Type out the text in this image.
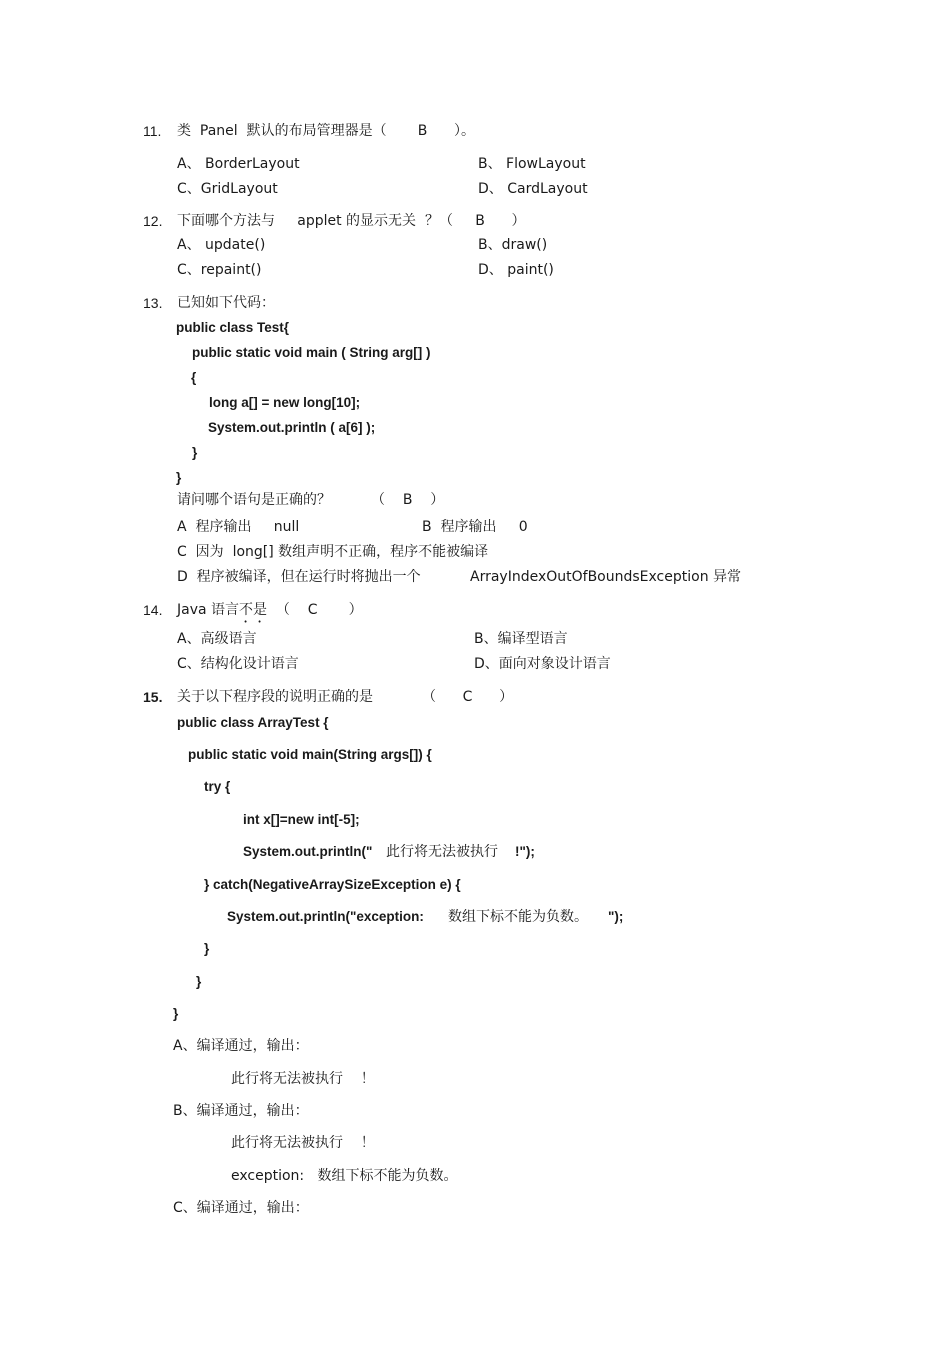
11. 类  Panel  默认的布局管理器是（       B      ）。
A、 BorderLayout	B、 FlowLayout
C、GridLayout	D、 CardLayout
12. 下面哪个方法与     applet 的显示无关  ？（     B      ）
A、 update()	B、draw()
C、repaint()	D、 paint()
13. 已知如下代码：
public class Test{
public static void main ( String arg[] )
{
long a[] = new long[10];
System.out.println ( a[6] );
}
}
请问哪个语句是正确的？         （    B    ）
A  程序输出     null	B  程序输出     0
C  因为  long[] 数组声明不正确，程序不能被编译
D  程序被编译，但在运行时将抛出一个	ArrayIndexOutOfBoundsException 异常
14. Java 语言不是  （    C       ）
A、高级语言	B、编译型语言
C、结构化设计语言	D、面向对象设计语言
15. 关于以下程序段的说明正确的是           （      C      ）
public class ArrayTest {
public static void main(String args[]) {
try {
int x[]=new int[-5];
System.out.println(" 此行将无法被执行 !");
} catch(NegativeArraySizeException e) {
System.out.println("exception: 数组下标不能为负数。 ");
}
}
}
A、编译通过，输出：
此行将无法被执行    ！
B、编译通过，输出：
此行将无法被执行    ！
exception:   数组下标不能为负数。
C、编译通过，输出：
